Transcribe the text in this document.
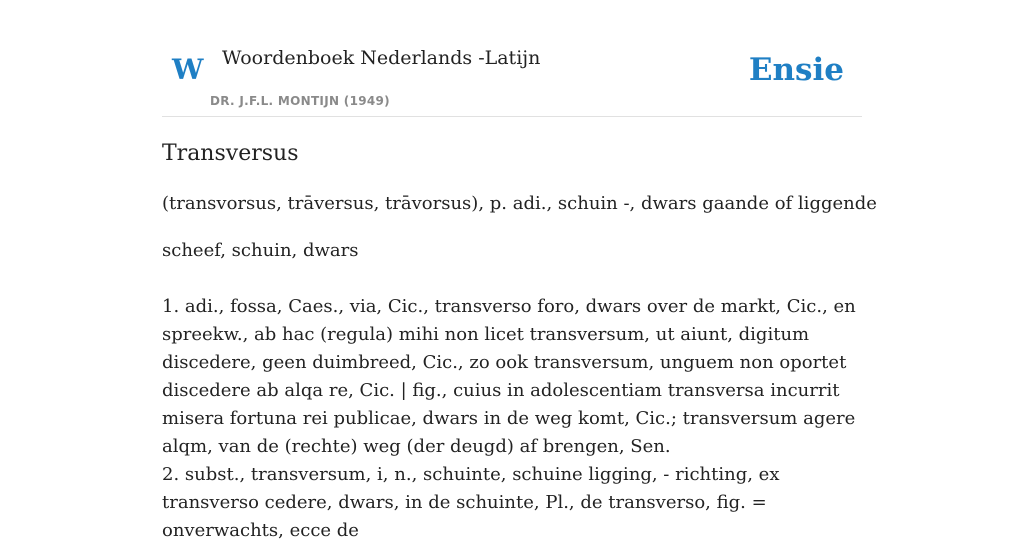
W Woordenboek Nederlands -Latijn
DR. J.F.L. MONTIJN (1949)
Ensie
Transversus
(transvorsus, trāversus, trāvorsus), p. adi., schuin -, dwars gaande of liggende
scheef, schuin, dwars

1. adi., fossa, Caes., via, Cic., transverso foro, dwars over de markt, Cic., en spreekw., ab hac (regula) mihi non licet transversum, ut aiunt, digitum discedere, geen duimbreed, Cic., zo ook transversum, unguem non oportet discedere ab alqa re, Cic. | fig., cuius in adolescentiam transversa incurrit misera fortuna rei publicae, dwars in de weg komt, Cic.; transversum agere alqm, van de (rechte) weg (der deugd) af brengen, Sen.

2. subst., transversum, i, n., schuinte, schuine ligging, - richting, ex transverso cedere, dwars, in de schuinte, Pl., de transverso, fig. = onverwachts, ecce de
